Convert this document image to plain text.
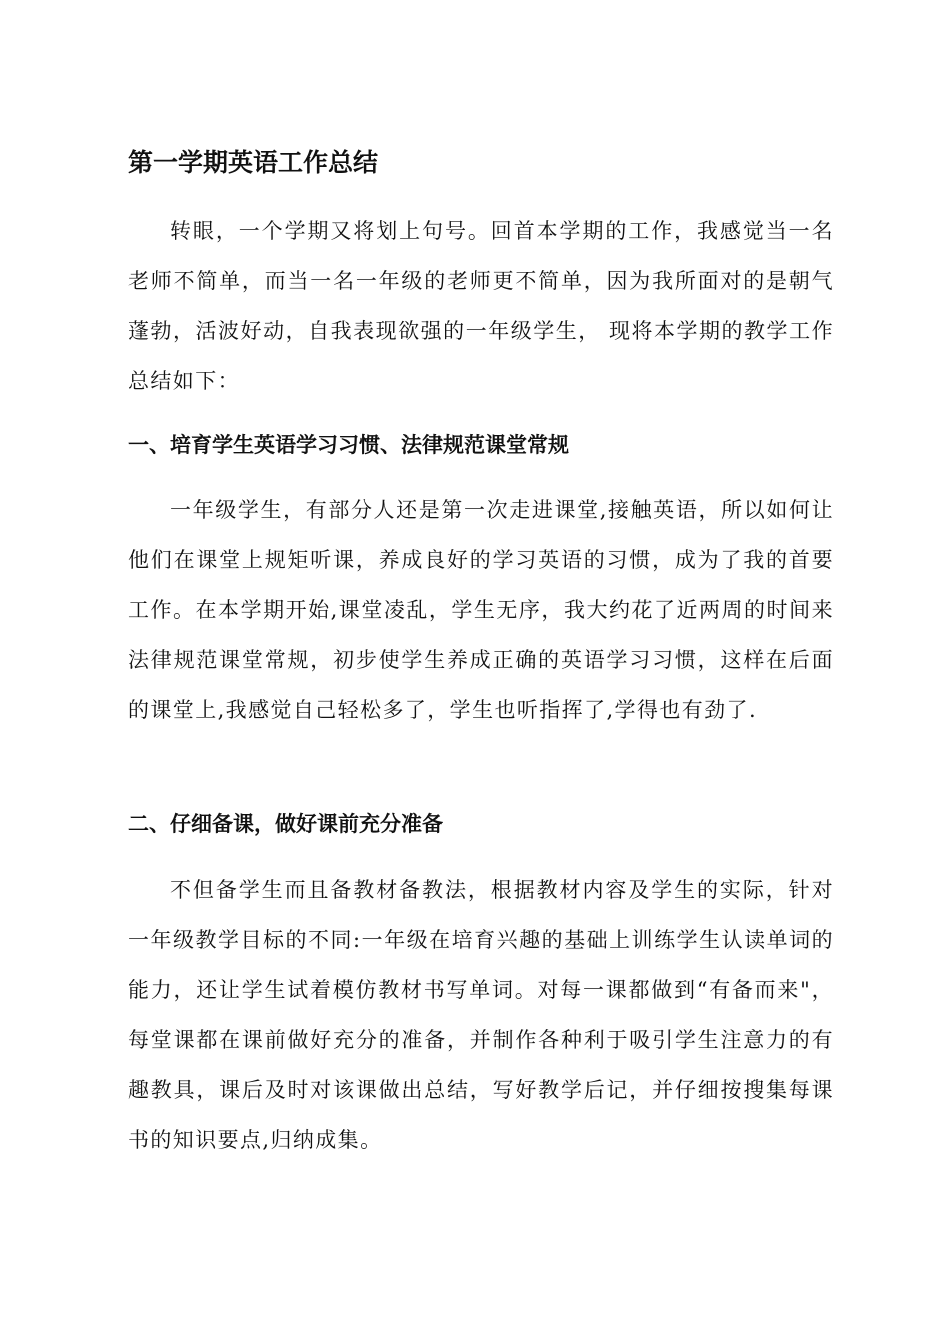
第一学期英语工作总结
转眼，一个学期又将划上句号。回首本学期的工作，我感觉当一名老师不简单，而当一名一年级的老师更不简单，因为我所面对的是朝气蓬勃，活波好动，自我表现欲强的一年级学生， 现将本学期的教学工作总结如下：
一、培育学生英语学习习惯、法律规范课堂常规
一年级学生，有部分人还是第一次走进课堂,接触英语，所以如何让他们在课堂上规矩听课，养成良好的学习英语的习惯，成为了我的首要工作。在本学期开始,课堂凌乱，学生无序，我大约花了近两周的时间来法律规范课堂常规，初步使学生养成正确的英语学习习惯，这样在后面的课堂上,我感觉自己轻松多了，学生也听指挥了,学得也有劲了.
二、仔细备课，做好课前充分准备
不但备学生而且备教材备教法，根据教材内容及学生的实际，针对一年级教学目标的不同:一年级在培育兴趣的基础上训练学生认读单词的能力，还让学生试着模仿教材书写单词。对每一课都做到“有备而来"，每堂课都在课前做好充分的准备，并制作各种利于吸引学生注意力的有趣教具，课后及时对该课做出总结，写好教学后记，并仔细按搜集每课书的知识要点,归纳成集。
